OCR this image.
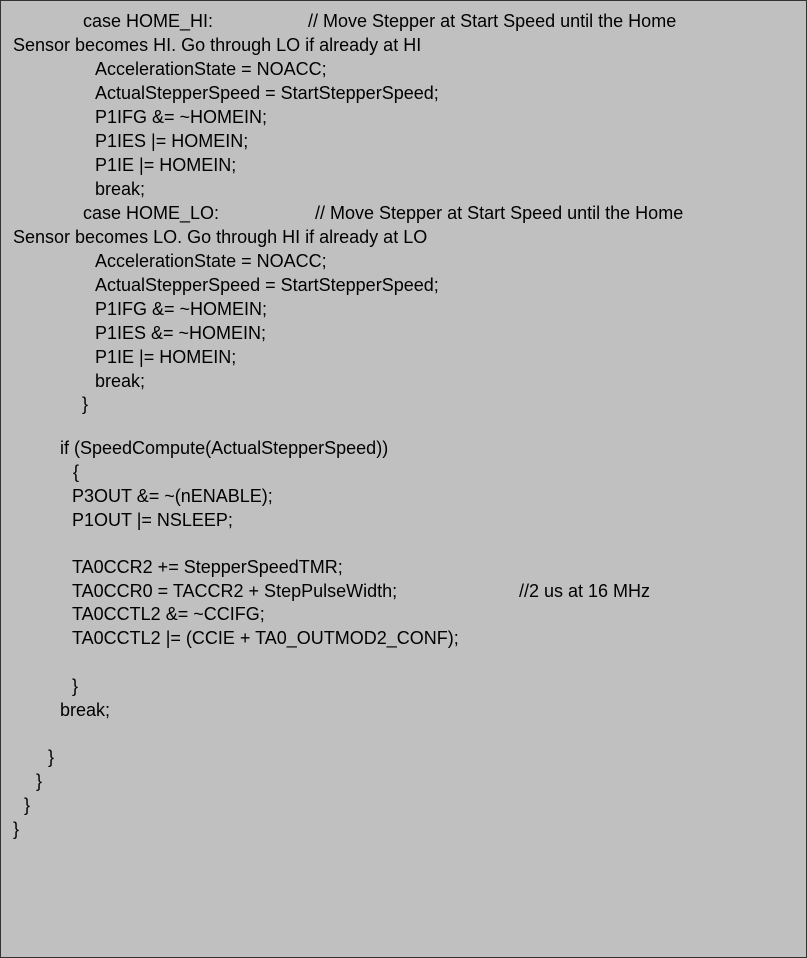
case HOME_HI:	// Move Stepper at Start Speed until the Home
Sensor becomes HI. Go through LO if already at HI
AccelerationState = NOACC;
ActualStepperSpeed = StartStepperSpeed;
P1IFG &= ~HOMEIN;
P1IES |= HOMEIN;
P1IE |= HOMEIN;
break;
case HOME_LO:	// Move Stepper at Start Speed until the Home
Sensor becomes LO. Go through HI if already at LO
AccelerationState = NOACC;
ActualStepperSpeed = StartStepperSpeed;
P1IFG &= ~HOMEIN;
P1IES &= ~HOMEIN;
P1IE |= HOMEIN;
break;
}
if (SpeedCompute(ActualStepperSpeed))
{
P3OUT &= ~(nENABLE);
P1OUT |= NSLEEP;
TA0CCR2 += StepperSpeedTMR;
TA0CCR0 = TACCR2 + StepPulseWidth;	//2 us at 16 MHz
TA0CCTL2 &= ~CCIFG;
TA0CCTL2 |= (CCIE + TA0_OUTMOD2_CONF);
}
break;
}
}
}
}
